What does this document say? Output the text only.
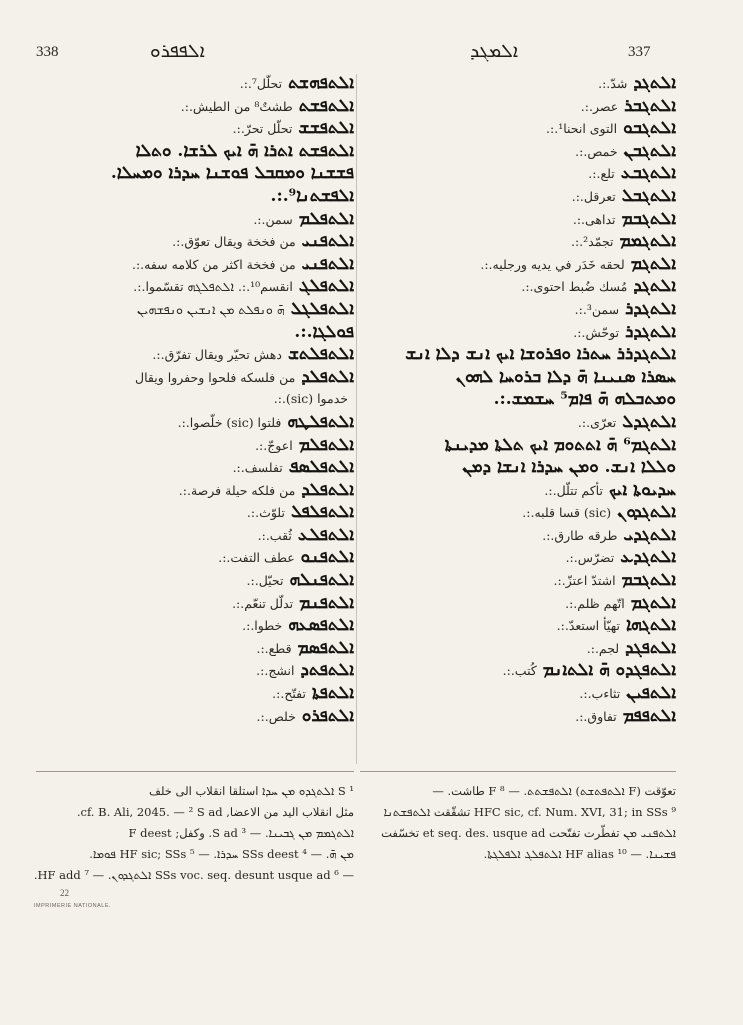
338	ܐܠܦܦܪܘ	ܐܠܡܓܕ	337
ܐܠܬܦܗܫܬ
تحلّل⁷.:.
ܐܠܬܦܫܬ
طشتٌ⁸ من الطيش.:.
ܐܠܬܦܫܫ
تحلّل تحرّ.:.
ܐܠܬܦܫܬ ܐܬܪܐ ܗ̄ ܐܝܟ ܠܪܫܐ. ܘܬܠܐ
ܦܫܫܢܐ ܘܡܩܒܠ ܦܘܫܢܐ ܚܕܪܐ ܘܡܚܠܐ.
ܐܠܦܫܬܢܐ⁹.:.
ܐܠܬܦܠܡ
سمن.:.
ܐܠܬܦܢܝ
من فخخة ويقال تعوّق.:.
ܐܠܬܦܢܝ
من فخخة اكثر من كلامه سفه.:.
ܐܠܬܦܠܓ
انقسم¹⁰.:. ܐܠܬܦܠܓܗ تقسّموا.:.
ܐܠܬܦܠܓܠ
ܗ̄ ܘܢܦܠܬ ܡܢ ܐܢܫܝܢ ܘܢܦܫܗܝܢ
ܦܘܠܓܐ.:.
ܐܠܬܦܠܬܫ
دهش تحيّر ويقال تفرّق.:.
ܐܠܬܦܠܕ
من فلسكه فلحوا وحفروا ويقال
خدموا (sic).:.
ܐܠܬܦܠܛܗ
فلتوا (sic) خلّصوا.:.
ܐܠܬܦܠܡ
اعوجّ.:.
ܐܠܬܦܠܣܦ
تفلسف.:.
ܐܠܬܦܠܕ
من فلكه حيلة فرصة.:.
ܐܠܬܦܠܦܠ
تلوّث.:.
ܐܠܬܦܠܥ
ثُقب.:.
ܐܠܬܦܢܘ
عطف التفت.:.
ܐܠܬܦܢܠܗ
تحيّل.:.
ܐܠܬܦܢܡ
تدلّل تنعّم.:.
ܐܠܬܦܣܥܗ
خطوا.:.
ܐܠܬܦܣܡ
قطع.:.
ܐܠܬܦܬܕ
انشج.:.
ܐܠܬܦܬܐ
تفتّح.:.
ܐܠܬܦܪܘ
خلص.:.
ܐܠܬܓܕ
شدّ.:.
ܐܠܬܓܒܪ
عصر.:.
ܐܠܬܓܒܘ
التوى انحنا¹.:.
ܐܠܬܓܒܢ
خمص.:.
ܐܠܬܓܒܥ
تلع.:.
ܐܠܬܓܒܠ
تعرقل.:.
ܐܠܬܓܒܡ
تداهى.:.
ܐܠܬܓܡܡ
تجمّد².:.
ܐܠܬܓܡ
لحقه خَدَر في يديه ورجليه.:.
ܐܠܬܓܕ
مُسك ضُبط احتوى.:.
ܐܠܬܓܕܪ
سمن³.:.
ܐܠܬܓܕܪ
توحّش.:.
ܐܠܬܓܕܪܪ ܚܬܪܐ ܘܦܪܘܫܐ ܐܝܟ ܐܢܫ ܕܠܐ ܐܢܫ
ܚܣܪܐ ܣܢܝܢܐ ܗ̄ ܕܠܐ ܒܪܘܚܐ ܠܗܘܢ
ܘܡܬܒܠܗ ܗ̄ ܦܐܡ⁵ ܚܫܡܫ.:.
ܐܠܬܓܕܠ
تعرّى.:.
ܐܠܬܓܡ⁶ ܗ̄ ܐܬܬܘܡ ܐܝܟ ܬܠܬܐ ܡܕܝܢܬܐ
ܘܠܠܐ ܐܢܫ. ܘܡܢ ܚܕܪܐ ܐܢܫܐ ܕܡܢ
ܚܕܝܘܬܐ ܐܝܟ
تأكم تتلّل.:.
ܐܠܬܓܕܘܢ
(sic) قسا قلبه.:.
ܐܠܬܓܕܝ
طرقه طارق.:.
ܐܠܬܓܕܥ
تضرّس.:.
ܐܠܬܓܒܡ
اشتدّ اعتزّ.:.
ܐܠܬܓܡ
اتّهم ظلم.:.
ܐܠܬܓܗܐ
تهيّأ استعدّ.:.
ܐܠܬܦܓܕ
لجم.:.
ܐܠܬܦܓܕܘ ܗ̄ ܐܠܬܐܢܡ
كُتب.:.
ܐܠܬܦܝܢ
تثاءب.:.
ܐܠܬܦܦܡ
تفاوق.:.
¹ S ܐܠܬܓܕܘ ܡܢ ܚܕܐ استلقا انقلاب الى خلف
مثل انقلاب اليد من الاعضا, cf. B. Ali, 2045. — ² S ad.
ܐܠܬܓܡܡ ܡܢ ܓܒܝܢܐ. — ³ S ad. وكفل; F deest
ܡܢ ܗ̄. — ⁴ SSs deest ܚܕܪܐ. — ⁵ HF sic; SSs ܦܘܡܐ.
— ⁶ SSs voc. seq. desunt usque ad ܐܠܬܓܕܘܢ. — ⁷ HF add.
تعوّقت (F ܐܠܬܦܬܫܬ) ܐܠܬܦܫܬܬ. — ⁸ F طاشت. —
⁹ HFC sic, cf. Num. XVI, 31; in SSs تشقّقت ܐܠܬܦܫܬܢܐ
ܐܠܬܦܢܝ ܡܢ تفطّرت تفتّحت et seq. des. usque ad تخسّفت
ܦܫܝܢܐ. — ¹⁰ HF alias ܐܠܬܦܠܓ ܐܠܦܠܓܬܐ.
22
IMPRIMERIE NATIONALE.
